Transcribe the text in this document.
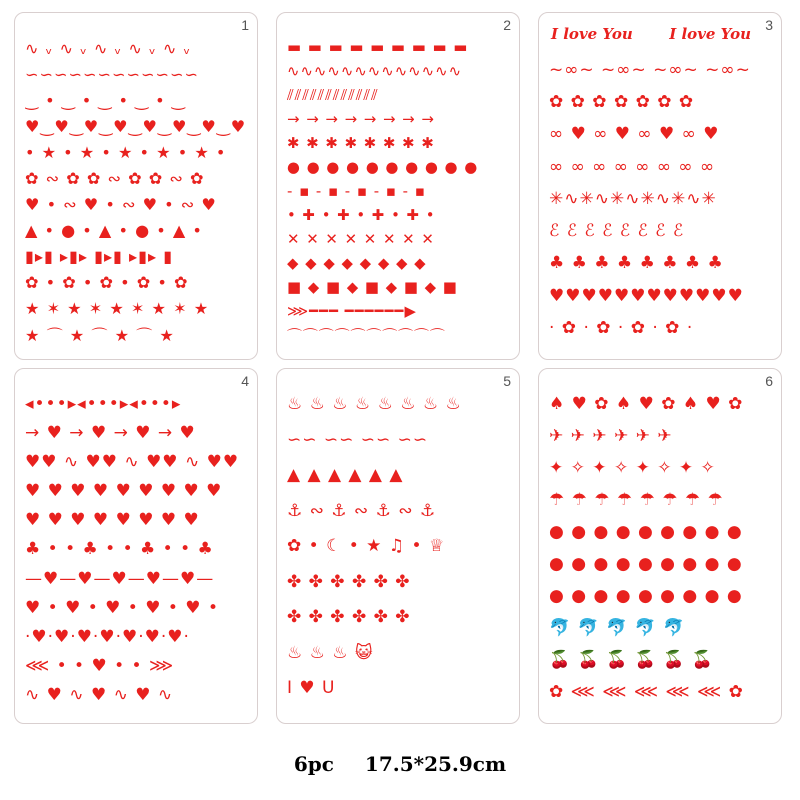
1
∿ ᵥ ∿ ᵥ ∿ ᵥ ∿ ᵥ ∿ ᵥ
∽∽∽∽∽∽∽∽∽∽∽∽
‿ • ‿ • ‿ • ‿ • ‿
♥‿♥‿♥‿♥‿♥‿♥‿♥‿♥
• ★ • ★ • ★ • ★ • ★ •
✿ ∾ ✿ ✿ ∾ ✿ ✿ ∾ ✿
♥ • ∾ ♥ • ∾ ♥ • ∾ ♥
▲ • ● • ▲ • ● • ▲ •
▮▸▮ ▸▮▸ ▮▸▮ ▸▮▸ ▮
✿ • ✿ • ✿ • ✿ • ✿
★ ✶ ★ ✶ ★ ✶ ★ ✶ ★
★ ⌒ ★ ⌒ ★ ⌒ ★
2
▬ ▬ ▬ ▬ ▬ ▬ ▬ ▬ ▬
∿∿∿∿∿∿∿∿∿∿∿∿∿
⫽⫽⫽⫽⫽⫽⫽⫽⫽⫽⫽⫽
→ → → → → → → →
✱ ✱ ✱ ✱ ✱ ✱ ✱ ✱
● ● ● ● ● ● ● ● ● ●
- ▪ - ▪ - ▪ - ▪ - ▪
• ✚ • ✚ • ✚ • ✚ •
✕ ✕ ✕ ✕ ✕ ✕ ✕ ✕
◆ ◆ ◆ ◆ ◆ ◆ ◆ ◆
■ ◆ ■ ◆ ■ ◆ ■ ◆ ■
⋙━━━ ━━━━━━▶
⌒⌒⌒⌒⌒⌒⌒⌒⌒⌒
3
I love You I love You
~∞~ ~∞~ ~∞~ ~∞~
✿ ✿ ✿ ✿ ✿ ✿ ✿
∞ ♥ ∞ ♥ ∞ ♥ ∞ ♥
∞ ∞ ∞ ∞ ∞ ∞ ∞ ∞
✳∿✳∿✳∿✳∿✳∿✳
ℰ ℰ ℰ ℰ ℰ ℰ ℰ ℰ
♣ ♣ ♣ ♣ ♣ ♣ ♣ ♣
♥♥♥♥♥♥♥♥♥♥♥♥
· ✿ · ✿ · ✿ · ✿ ·
4
◂•••▸◂•••▸◂•••▸
→ ♥ → ♥ → ♥ → ♥
♥♥ ∿ ♥♥ ∿ ♥♥ ∿ ♥♥
♥ ♥ ♥ ♥ ♥ ♥ ♥ ♥ ♥
♥ ♥ ♥ ♥ ♥ ♥ ♥ ♥
♣ • • ♣ • • ♣ • • ♣
—♥—♥—♥—♥—♥—
♥ • ♥ • ♥ • ♥ • ♥ •
·♥·♥·♥·♥·♥·♥·♥·
⋘ • • ♥ • • ⋙
∿ ♥ ∿ ♥ ∿ ♥ ∿
5
♨ ♨ ♨ ♨ ♨ ♨ ♨ ♨
∽∽ ∽∽ ∽∽ ∽∽
▲ ▲ ▲ ▲ ▲ ▲
⚓ ∾ ⚓ ∾ ⚓ ∾ ⚓
✿ • ☾ • ★ ♫ • ♕
✤ ✤ ✤ ✤ ✤ ✤
✤ ✤ ✤ ✤ ✤ ✤
♨ ♨ ♨ 😺
I ♥ U
6
♠ ♥ ✿ ♠ ♥ ✿ ♠ ♥ ✿
✈ ✈ ✈ ✈ ✈ ✈
✦ ✧ ✦ ✧ ✦ ✧ ✦ ✧
☂ ☂ ☂ ☂ ☂ ☂ ☂ ☂
● ● ● ● ● ● ● ● ●
● ● ● ● ● ● ● ● ●
● ● ● ● ● ● ● ● ●
🐬 🐬 🐬 🐬 🐬
🍒 🍒 🍒 🍒 🍒 🍒
✿ ⋘ ⋘ ⋘ ⋘ ⋘ ✿
6pc 17.5*25.9cm
